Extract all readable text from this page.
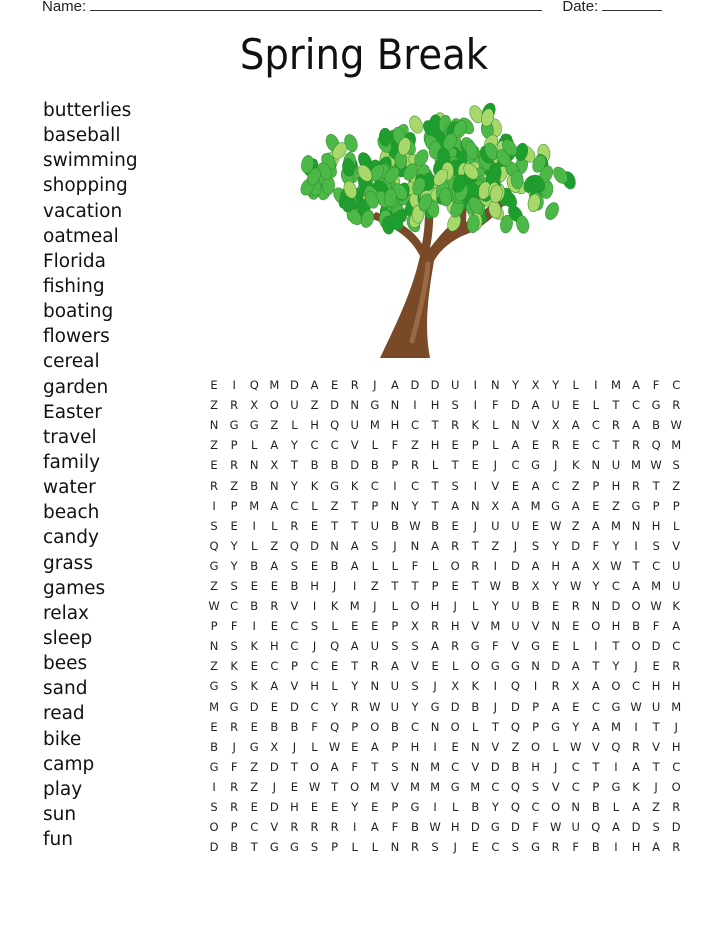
Name:	Date:
Spring Break
butterlies
baseball
swimming
shopping
vacation
oatmeal
Florida
fishing
boating
flowers
cereal
garden
Easter
travel
family
water
beach
candy
grass
games
relax
sleep
bees
sand
read
bike
camp
play
sun
fun
E	I	Q	M	D	A	E	R	J	A	D	D	U	I	N	Y	X	Y	L	I	M	A	F	C
Z	R	X	O	U	Z	D	N	G	N	I	H	S	I	F	D	A	U	E	L	T	C	G	R
N	G	G	Z	L	H	Q	U	M	H	C	T	R	K	L	N	V	X	A	C	R	A	B	W
Z	P	L	A	Y	C	C	V	L	F	Z	H	E	P	L	A	E	R	E	C	T	R	Q	M
E	R	N	X	T	B	B	D	B	P	R	L	T	E	J	C	G	J	K	N	U	M	W	S
R	Z	B	N	Y	K	G	K	C	I	C	T	S	I	V	E	A	C	Z	P	H	R	T	Z
I	P	M	A	C	L	Z	T	P	N	Y	T	A	N	X	A	M	G	A	E	Z	G	P	P
S	E	I	L	R	E	T	T	U	B	W	B	E	J	U	U	E	W	Z	A	M	N	H	L
Q	Y	L	Z	Q	D	N	A	S	J	N	A	R	T	Z	J	S	Y	D	F	Y	I	S	V
G	Y	B	A	S	E	B	A	L	L	F	L	O	R	I	D	A	H	A	X	W	T	C	U
Z	S	E	E	B	H	J	I	Z	T	T	P	E	T	W	B	X	Y	W	Y	C	A	M	U
W	C	B	R	V	I	K	M	J	L	O	H	J	L	Y	U	B	E	R	N	D	O	W	K
P	F	I	E	C	S	L	E	E	P	X	R	H	V	M	U	V	N	E	O	H	B	F	A
N	S	K	H	C	J	Q	A	U	S	S	A	R	G	F	V	G	E	L	I	T	O	D	C
Z	K	E	C	P	C	E	T	R	A	V	E	L	O	G	G	N	D	A	T	Y	J	E	R
G	S	K	A	V	H	L	Y	N	U	S	J	X	K	I	Q	I	R	X	A	O	C	H	H
M	G	D	E	D	C	Y	R	W	U	Y	G	D	B	J	D	P	A	E	C	G	W	U	M
E	R	E	B	B	F	Q	P	O	B	C	N	O	L	T	Q	P	G	Y	A	M	I	T	J
B	J	G	X	J	L	W	E	A	P	H	I	E	N	V	Z	O	L	W	V	Q	R	V	H
G	F	Z	D	T	O	A	F	T	S	N	M	C	V	D	B	H	J	C	T	I	A	T	C
I	R	Z	J	E	W	T	O	M	V	M	M	G	M	C	Q	S	V	C	P	G	K	J	O
S	R	E	D	H	E	E	Y	E	P	G	I	L	B	Y	Q	C	O	N	B	L	A	Z	R
O	P	C	V	R	R	R	I	A	F	B	W	H	D	G	D	F	W	U	Q	A	D	S	D
D	B	T	G	G	S	P	L	L	N	R	S	J	E	C	S	G	R	F	B	I	H	A	R
